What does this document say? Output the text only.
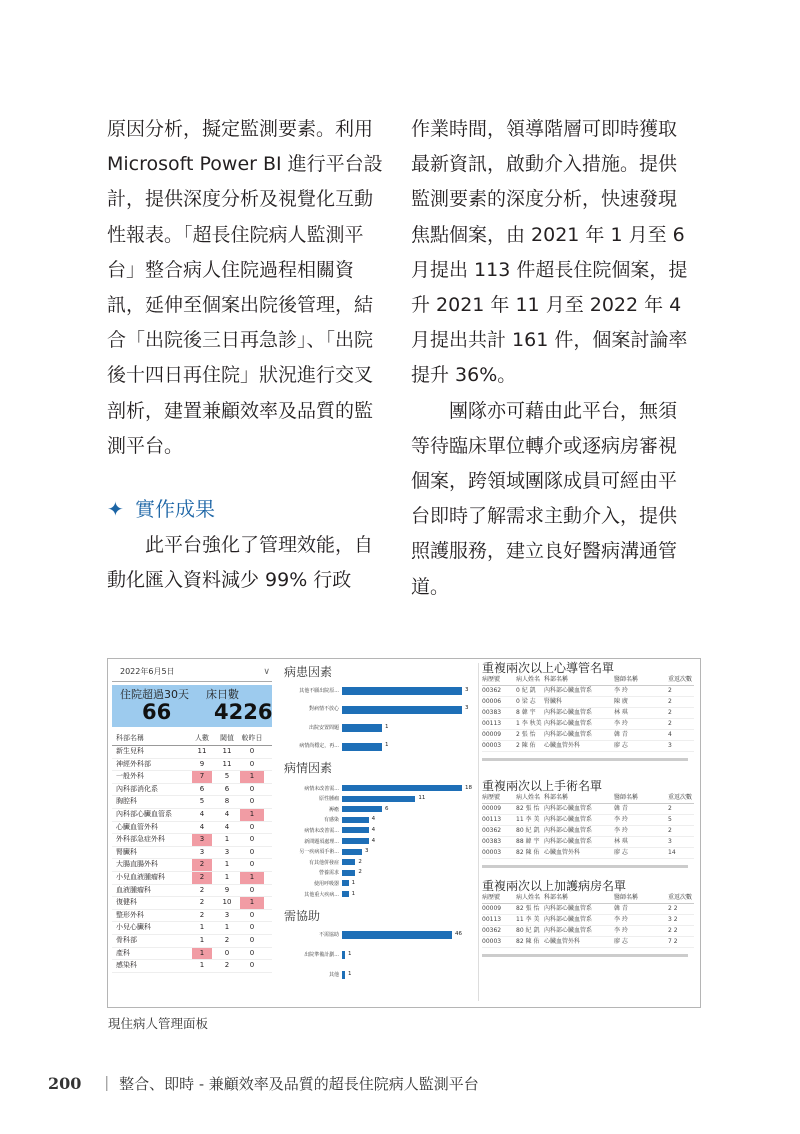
原因分析，擬定監測要素。利用 Microsoft Power BI 進行平台設計，提供深度分析及視覺化互動性報表。「超長住院病人監測平台」整合病人住院過程相關資訊，延伸至個案出院後管理，結合「出院後三日再急診」、「出院後十四日再住院」狀況進行交叉剖析，建置兼顧效率及品質的監測平台。

✦ 實作成果

此平台強化了管理效能，自動化匯入資料減少 99% 行政

作業時間，領導階層可即時獲取最新資訊，啟動介入措施。提供監測要素的深度分析，快速發現焦點個案，由 2021 年 1 月至 6 月提出 113 件超長住院個案，提升 2021 年 11 月至 2022 年 4 月提出共計 161 件，個案討論率提升 36%。

團隊亦可藉由此平台，無須等待臨床單位轉介或逐病房審視個案，跨領域團隊成員可經由平台即時了解需求主動介入，提供照護服務，建立良好醫病溝通管道。

2022年6月5日	∨
住院超過30天 床日數
66 4226
科部名稱	人數	閾值	較昨日
新生兒科	11	11	0
神經外科部	9	11	0
一般外科	7	5	1
內科部消化系	6	6	0
胸腔科	5	8	0
內科部心臟血管系	4	4	1
心臟血管外科	4	4	0
外科部急症外科	3	1	0
腎臟科	3	3	0
大腸直腸外科	2	1	0
小兒血液腫瘤科	2	1	1
血液腫瘤科	2	9	0
復健科	2	10	1
整形外科	2	3	0
小兒心臟科	1	1	0
骨科部	1	2	0
產科	1	0	0
感染科	1	2	0
病患因素
其他不願出院原...	3
對病情不放心	3
出院安置問題	1
病情尚穩定，再...	1
病情因素
病情未改善需...	18
原性腫瘤	11
褥瘡	6
有感染	4
病情未改善需...	4
新問題須處理...	4
另一疾病須手術...	3
有其他併發症	2
營養需求	2
使用呼吸器 1
其他重大疾病... 1
需協助
不需協助	46
出院準備計劃... 1
其他 1
重複兩次以上心導管名單
病歷號	病人姓名 科部名稱	醫師名稱	重返次數
00362 0 紀 凱 內科部心臟血管系	李 玲	2
00006 0 梁 志 腎臟科	陳 廣	2
00383 8 韓 宇 內科部心臟血管系	林 琪	2
00113 1 李 秋美 內科部心臟血管系	李 玲	2
00009 2 張 怡 內科部心臟血管系	韓 青	4
00003 2 陳 佑 心臟血管外科	廖 志	3
重複兩次以上手術名單
病歷號	病人姓名 科部名稱	醫師名稱	重返次數
00009 82 張 怡 內科部心臟血管系	韓 青	2
00113 11 李 美 內科部心臟血管系	李 玲	5
00362 80 紀 凱 內科部心臟血管系	李 玲	2
00383 88 韓 宇 內科部心臟血管系	林 琪	3
00003 82 陳 佑 心臟血管外科	廖 志	14
重複兩次以上加護病房名單
病歷號	病人姓名 科部名稱	醫師名稱	重返次數
00009 82 張 怡 內科部心臟血管系	韓 青	2 2
00113 11 李 美 內科部心臟血管系	李 玲	3 2
00362 80 紀 凱 內科部心臟血管系	李 玲	2 2
00003 82 陳 佑 心臟血管外科	廖 志	7 2
現住病人管理面板
200 ｜ 整合、即時 - 兼顧效率及品質的超長住院病人監測平台
